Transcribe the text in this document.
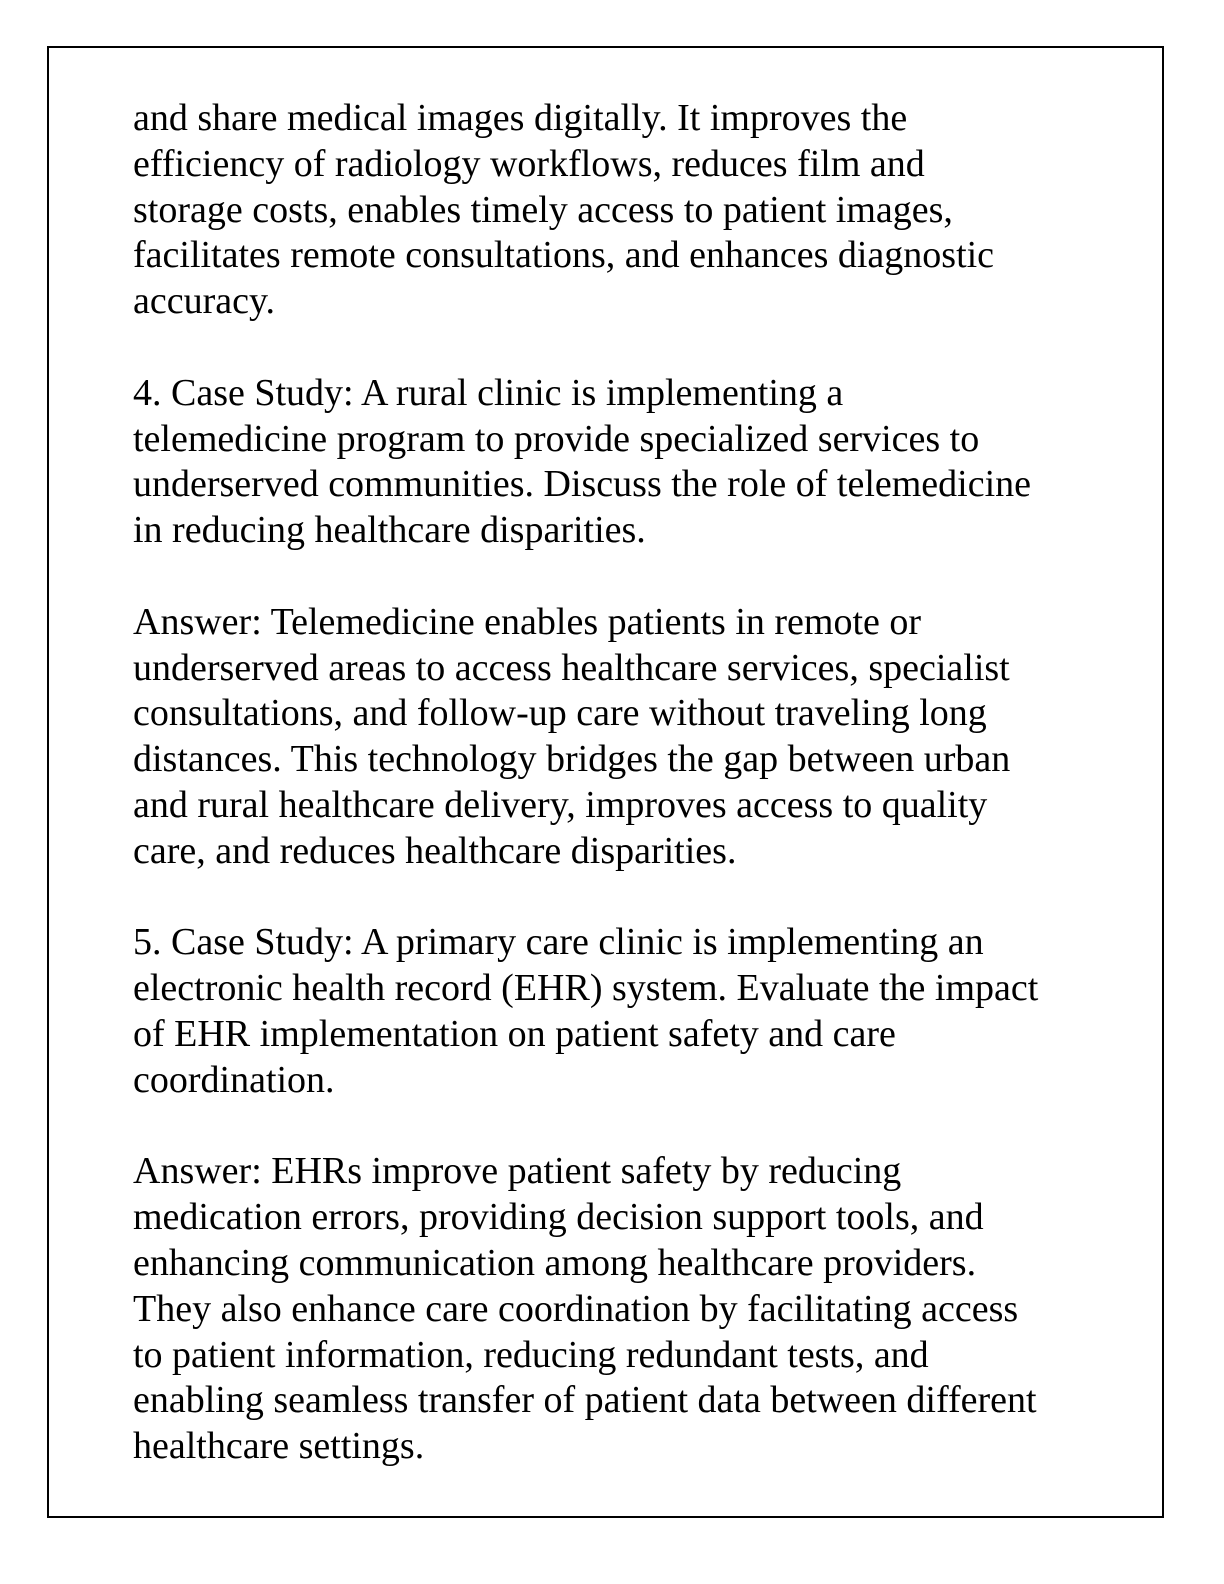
and share medical images digitally. It improves the
efficiency of radiology workflows, reduces film and
storage costs, enables timely access to patient images,
facilitates remote consultations, and enhances diagnostic
accuracy.

4. Case Study: A rural clinic is implementing a
telemedicine program to provide specialized services to
underserved communities. Discuss the role of telemedicine
in reducing healthcare disparities.

Answer: Telemedicine enables patients in remote or
underserved areas to access healthcare services, specialist
consultations, and follow-up care without traveling long
distances. This technology bridges the gap between urban
and rural healthcare delivery, improves access to quality
care, and reduces healthcare disparities.

5. Case Study: A primary care clinic is implementing an
electronic health record (EHR) system. Evaluate the impact
of EHR implementation on patient safety and care
coordination.

Answer: EHRs improve patient safety by reducing
medication errors, providing decision support tools, and
enhancing communication among healthcare providers.
They also enhance care coordination by facilitating access
to patient information, reducing redundant tests, and
enabling seamless transfer of patient data between different
healthcare settings.
